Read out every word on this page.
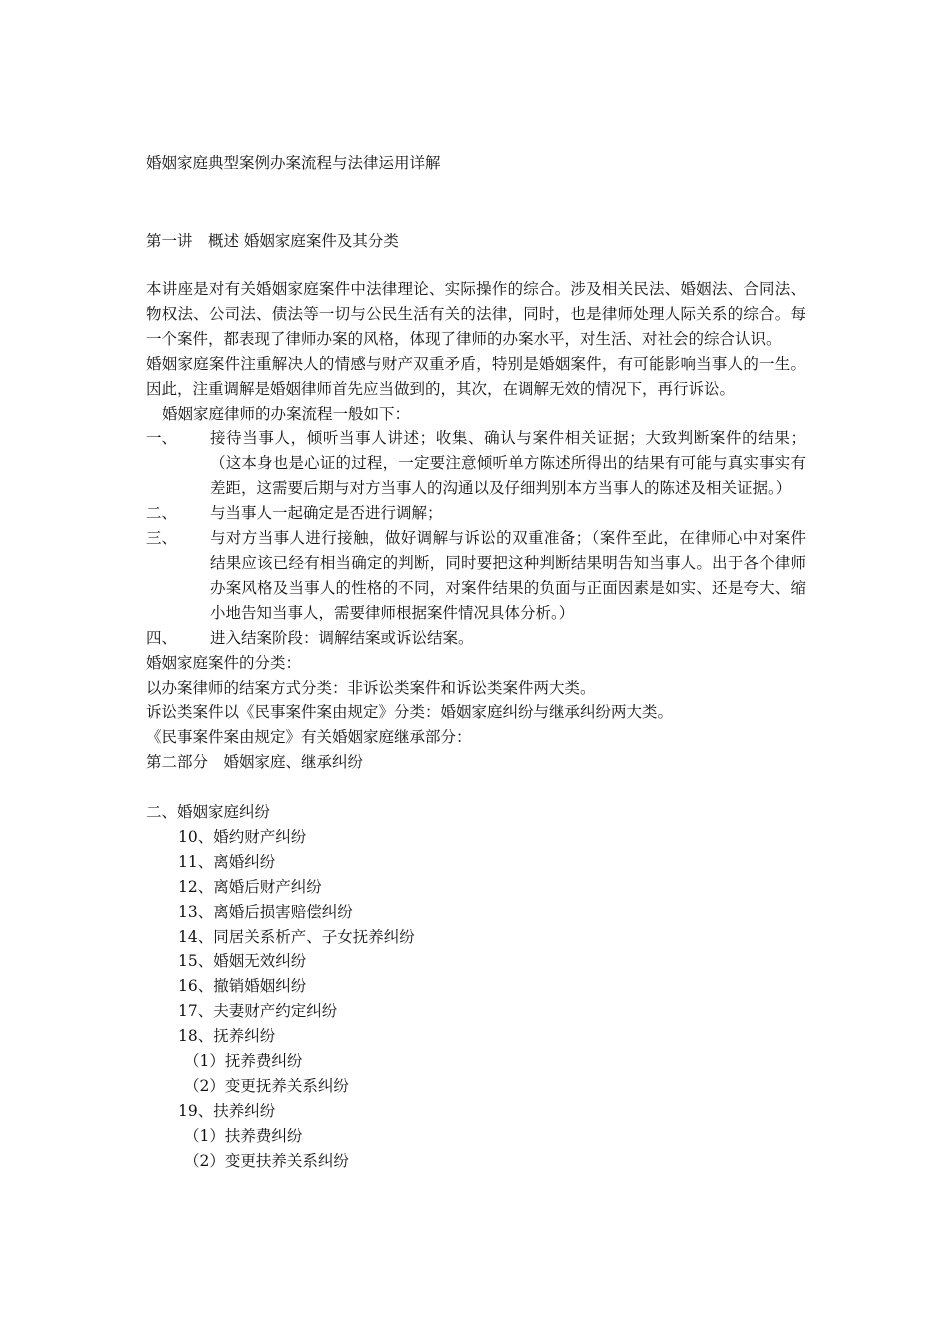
婚姻家庭典型案例办案流程与法律运用详解
第一讲　概述 婚姻家庭案件及其分类

本讲座是对有关婚姻家庭案件中法律理论、实际操作的综合。涉及相关民法、婚姻法、合同法、物权法、公司法、债法等一切与公民生活有关的法律，同时，也是律师处理人际关系的综合。每一个案件，都表现了律师办案的风格，体现了律师的办案水平，对生活、对社会的综合认识。

婚姻家庭案件注重解决人的情感与财产双重矛盾，特别是婚姻案件，有可能影响当事人的一生。因此，注重调解是婚姻律师首先应当做到的，其次，在调解无效的情况下，再行诉讼。

婚姻家庭律师的办案流程一般如下：

一、	接待当事人，倾听当事人讲述；收集、确认与案件相关证据；大致判断案件的结果；（这本身也是心证的过程，一定要注意倾听单方陈述所得出的结果有可能与真实事实有差距，这需要后期与对方当事人的沟通以及仔细判别本方当事人的陈述及相关证据。）
二、	与当事人一起确定是否进行调解；
三、	与对方当事人进行接触，做好调解与诉讼的双重准备；（案件至此，在律师心中对案件结果应该已经有相当确定的判断，同时要把这种判断结果明告知当事人。出于各个律师办案风格及当事人的性格的不同，对案件结果的负面与正面因素是如实、还是夸大、缩小地告知当事人，需要律师根据案件情况具体分析。）
四、	进入结案阶段：调解结案或诉讼结案。

婚姻家庭案件的分类：

以办案律师的结案方式分类：非诉讼类案件和诉讼类案件两大类。

诉讼类案件以《民事案件案由规定》分类：婚姻家庭纠纷与继承纠纷两大类。

《民事案件案由规定》有关婚姻家庭继承部分：

第二部分　婚姻家庭、继承纠纷

二、婚姻家庭纠纷

10、婚约财产纠纷

11、离婚纠纷

12、离婚后财产纠纷

13、离婚后损害赔偿纠纷

14、同居关系析产、子女抚养纠纷

15、婚姻无效纠纷

16、撤销婚姻纠纷

17、夫妻财产约定纠纷

18、抚养纠纷

（1）抚养费纠纷

（2）变更抚养关系纠纷

19、扶养纠纷

（1）扶养费纠纷

（2）变更扶养关系纠纷
